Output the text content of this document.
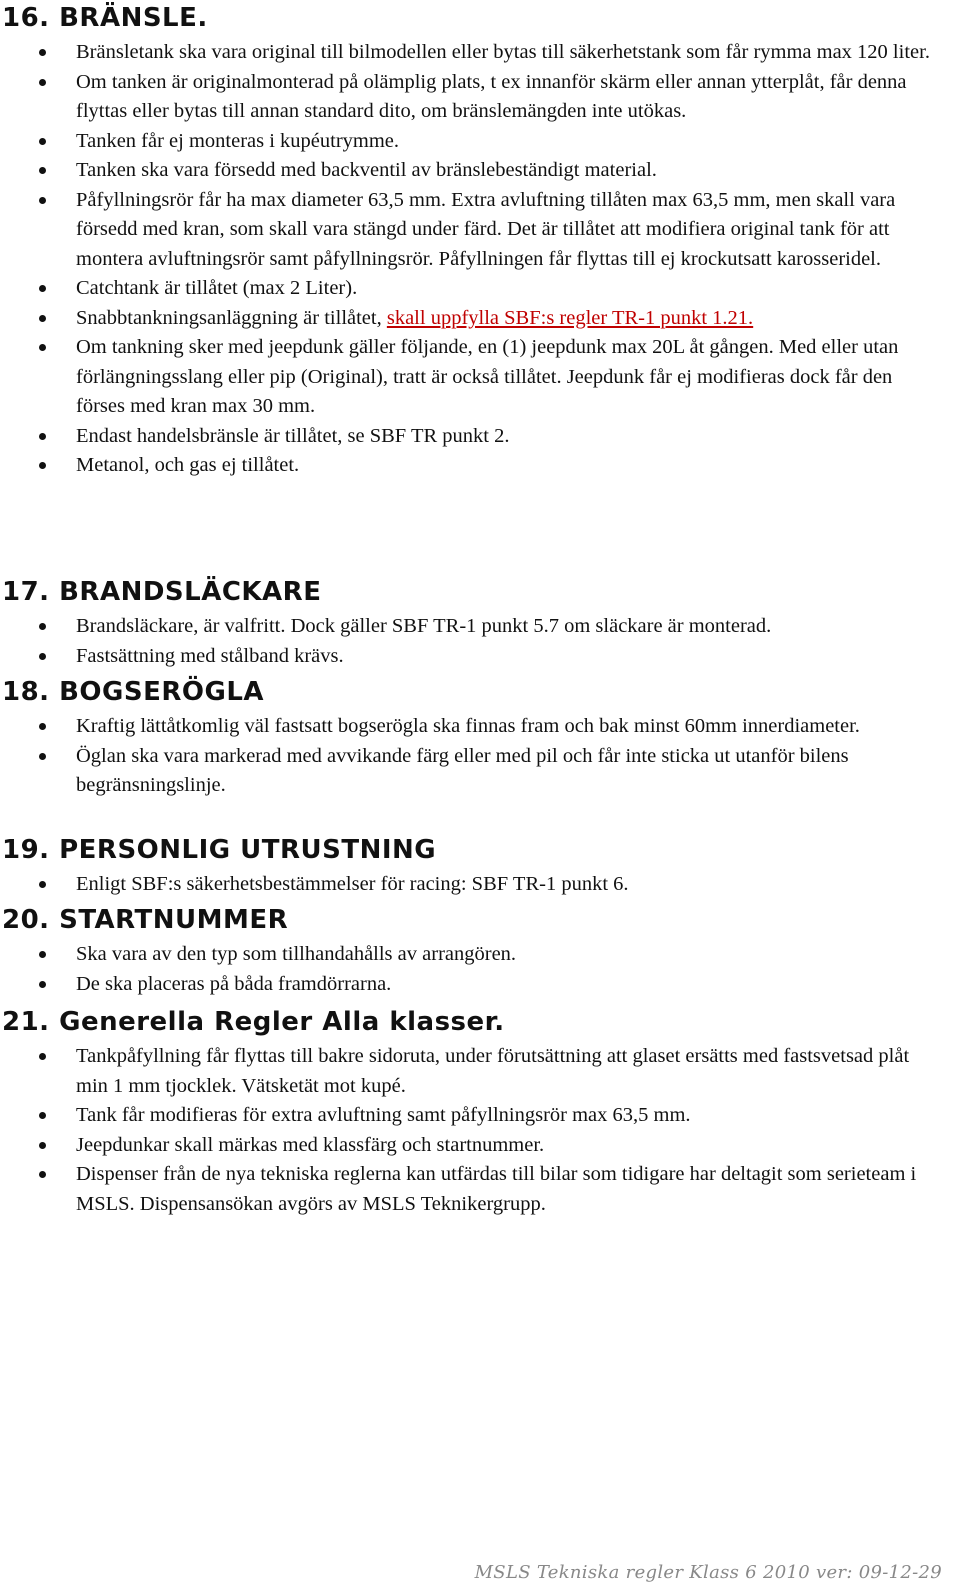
16. BRÄNSLE.
Bränsletank ska vara original till bilmodellen eller bytas till säkerhetstank som får rymma max 120 liter.
Om tanken är originalmonterad på olämplig plats, t ex innanför skärm eller annan ytterplåt, får denna flyttas eller bytas till annan standard dito, om bränslemängden inte utökas.
Tanken får ej monteras i kupéutrymme.
Tanken ska vara försedd med backventil av bränslebeständigt material.
Påfyllningsrör får ha max diameter 63,5 mm. Extra avluftning tillåten max 63,5 mm, men skall vara försedd med kran, som skall vara stängd under färd. Det är tillåtet att modifiera original tank för att montera avluftningsrör samt påfyllningsrör. Påfyllningen får flyttas till ej krockutsatt karosseridel.
Catchtank är tillåtet (max 2 Liter).
Snabbtankningsanläggning är tillåtet, skall uppfylla SBF:s regler TR-1 punkt 1.21.
Om tankning sker med jeepdunk gäller följande, en (1) jeepdunk max 20L åt gången. Med eller utan förlängningsslang eller pip (Original), tratt är också tillåtet. Jeepdunk får ej modifieras dock får den förses med kran max 30 mm.
Endast handelsbränsle är tillåtet, se SBF TR punkt 2.
Metanol, och gas ej tillåtet.
17. BRANDSLÄCKARE
Brandsläckare, är valfritt. Dock gäller SBF TR-1 punkt 5.7 om släckare är monterad.
Fastsättning med stålband krävs.
18. BOGSERÖGLA
Kraftig lättåtkomlig väl fastsatt bogserögla ska finnas fram och bak minst 60mm innerdiameter.
Öglan ska vara markerad med avvikande färg eller med pil och får inte sticka ut utanför bilens begränsningslinje.
19. PERSONLIG UTRUSTNING
Enligt SBF:s säkerhetsbestämmelser för racing: SBF TR-1 punkt 6.
20. STARTNUMMER
Ska vara av den typ som tillhandahålls av arrangören.
De ska placeras på båda framdörrarna.
21. Generella Regler Alla klasser.
Tankpåfyllning får flyttas till bakre sidoruta, under förutsättning att glaset ersätts med fastsvetsad plåt min 1 mm tjocklek. Vätsketät mot kupé.
Tank får modifieras för extra avluftning samt påfyllningsrör max 63,5 mm.
Jeepdunkar skall märkas med klassfärg och startnummer.
Dispenser från de nya tekniska reglerna kan utfärdas till bilar som tidigare har deltagit som serieteam i MSLS. Dispensansökan avgörs av MSLS Teknikergrupp.
MSLS Tekniska regler Klass 6 2010 ver: 09-12-29
